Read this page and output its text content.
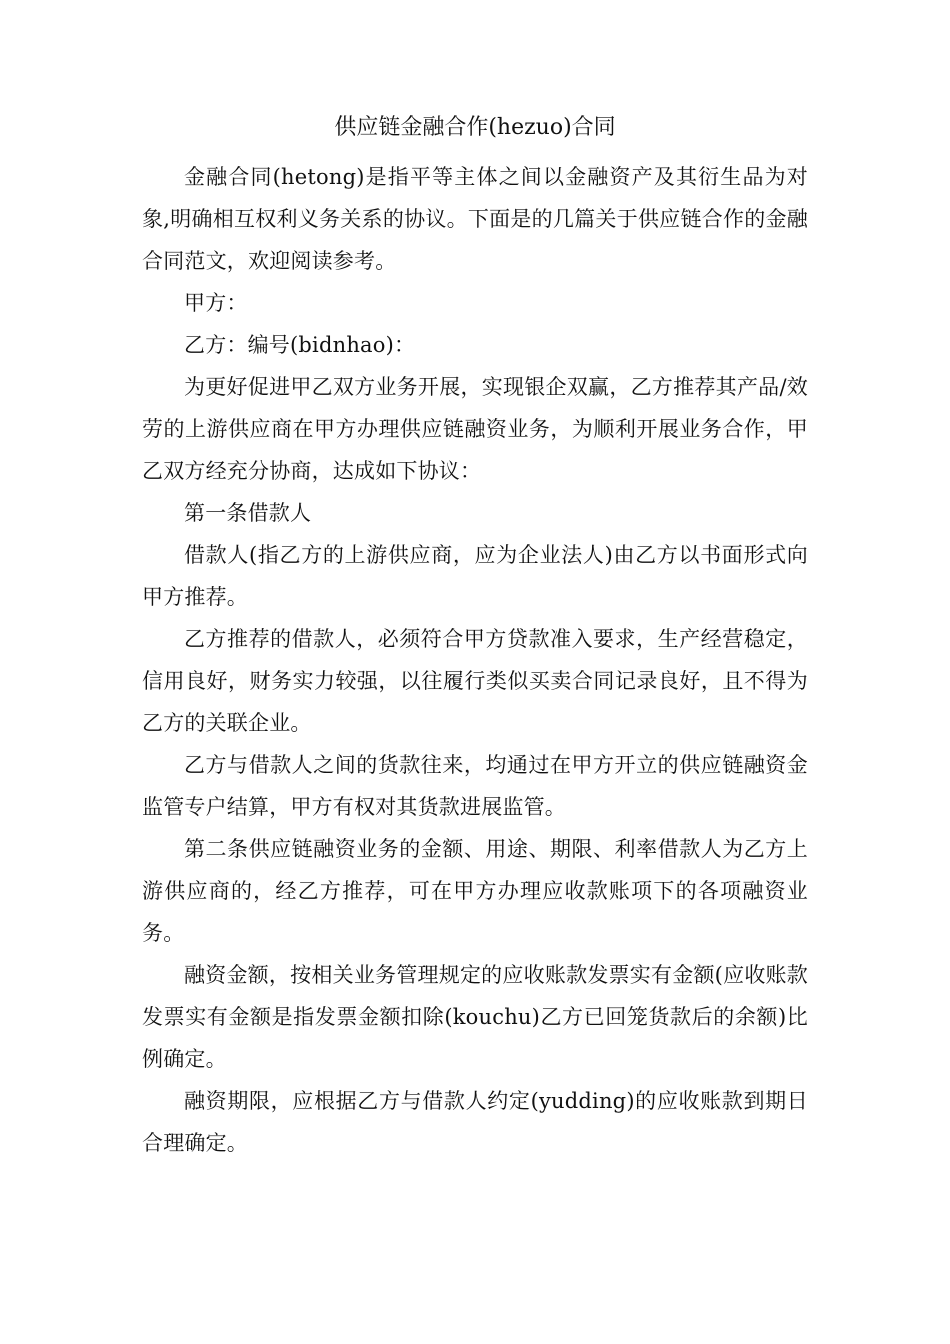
供应链金融合作(hezuo)合同

金融合同(hetong)是指平等主体之间以金融资产及其衍生品为对象,明确相互权利义务关系的协议。下面是的几篇关于供应链合作的金融合同范文，欢迎阅读参考。

甲方：

乙方：编号(bidnhao)：

为更好促进甲乙双方业务开展，实现银企双赢，乙方推荐其产品/效劳的上游供应商在甲方办理供应链融资业务，为顺利开展业务合作，甲乙双方经充分协商，达成如下协议：

第一条借款人

借款人(指乙方的上游供应商，应为企业法人)由乙方以书面形式向甲方推荐。

乙方推荐的借款人，必须符合甲方贷款准入要求，生产经营稳定，信用良好，财务实力较强，以往履行类似买卖合同记录良好，且不得为乙方的关联企业。

乙方与借款人之间的货款往来，均通过在甲方开立的供应链融资金监管专户结算，甲方有权对其货款进展监管。

第二条供应链融资业务的金额、用途、期限、利率借款人为乙方上游供应商的，经乙方推荐，可在甲方办理应收款账项下的各项融资业务。

融资金额，按相关业务管理规定的应收账款发票实有金额(应收账款发票实有金额是指发票金额扣除(kouchu)乙方已回笼货款后的余额)比例确定。

融资期限，应根据乙方与借款人约定(yudding)的应收账款到期日合理确定。
